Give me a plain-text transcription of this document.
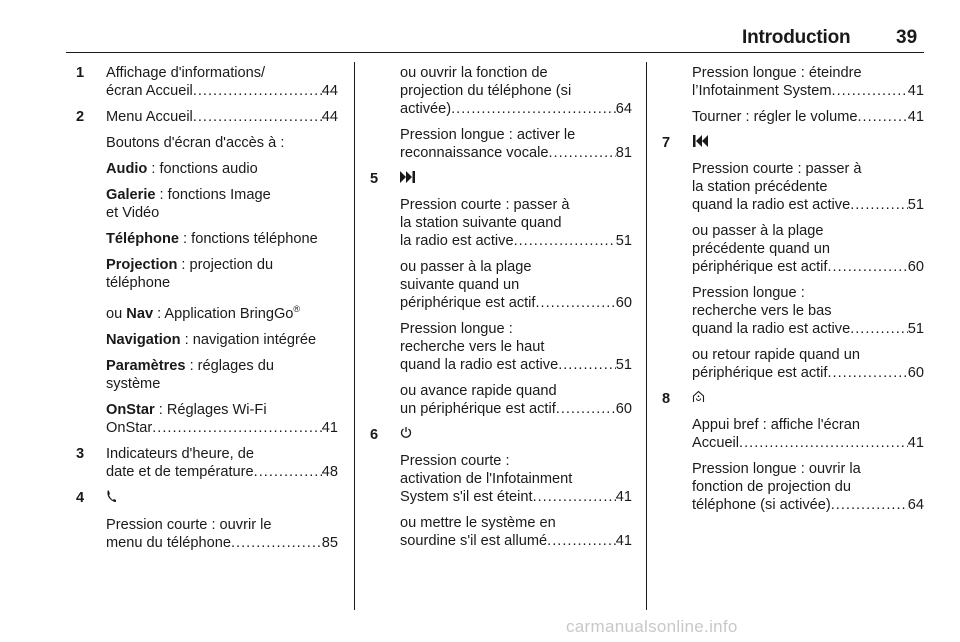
Introduction 39
1 Affichage d'informations/
écran Accueil .....	44
2 Menu Accueil .....	44
Boutons d'écran d'accès à :
Audio : fonctions audio
Galerie : fonctions Image
et Vidéo
Téléphone : fonctions téléphone
Projection : projection du
téléphone
ou Nav : Application BringGo®
Navigation : navigation intégrée
Paramètres : réglages du
système
OnStar : Réglages Wi-Fi
OnStar .....	41
3 Indicateurs d'heure, de
date et de température .....	48
4
Pression courte : ouvrir le
menu du téléphone .....	85
ou ouvrir la fonction de
projection du téléphone (si
activée) .....	64
Pression longue : activer le
reconnaissance vocale .....	81
5
Pression courte : passer à
la station suivante quand
la radio est active .....	51
ou passer à la plage
suivante quand un
périphérique est actif .....	60
Pression longue :
recherche vers le haut
quand la radio est active .....	51
ou avance rapide quand
un périphérique est actif .....	60
6
Pression courte :
activation de l'Infotainment
System s'il est éteint .....	41
ou mettre le système en
sourdine s'il est allumé .....	41
Pression longue : éteindre
l’Infotainment System .....	41
Tourner : régler le volume .....	41
7
Pression courte : passer à
la station précédente
quand la radio est active .....	51
ou passer à la plage
précédente quand un
périphérique est actif .....	60
Pression longue :
recherche vers le bas
quand la radio est active .....	51
ou retour rapide quand un
périphérique est actif .....	60
8
Appui bref : affiche l'écran
Accueil .....	41
Pression longue : ouvrir la
fonction de projection du
téléphone (si activée) .....	64
carmanualsonline.info
